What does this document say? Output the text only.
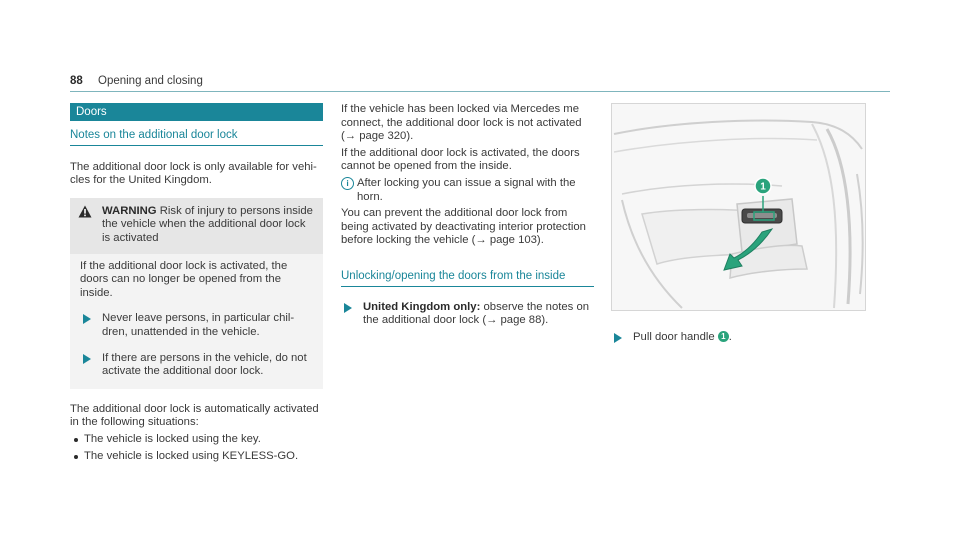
88 Opening and closing
Doors
Notes on the additional door lock

The additional door lock is only available for vehi- cles for the United Kingdom.

WARNING Risk of injury to persons inside the vehicle when the additional door lock is activated

If the additional door lock is activated, the doors can no longer be opened from the inside.

Never leave persons, in particular chil- dren, unattended in the vehicle.
If there are persons in the vehicle, do not activate the additional door lock.

The additional door lock is automatically activated in the following situations:

The vehicle is locked using the key.
The vehicle is locked using KEYLESS-GO.

If the vehicle has been locked via Mercedes me connect, the additional door lock is not activated (→ page 320).

If the additional door lock is activated, the doors cannot be opened from the inside.

i After locking you can issue a signal with the horn.

You can prevent the additional door lock from being activated by deactivating interior protection before locking the vehicle (→ page 103).

Unlocking/opening the doors from the inside
United Kingdom only: observe the notes on the additional door lock (→ page 88).
1
Pull door handle 1 .
